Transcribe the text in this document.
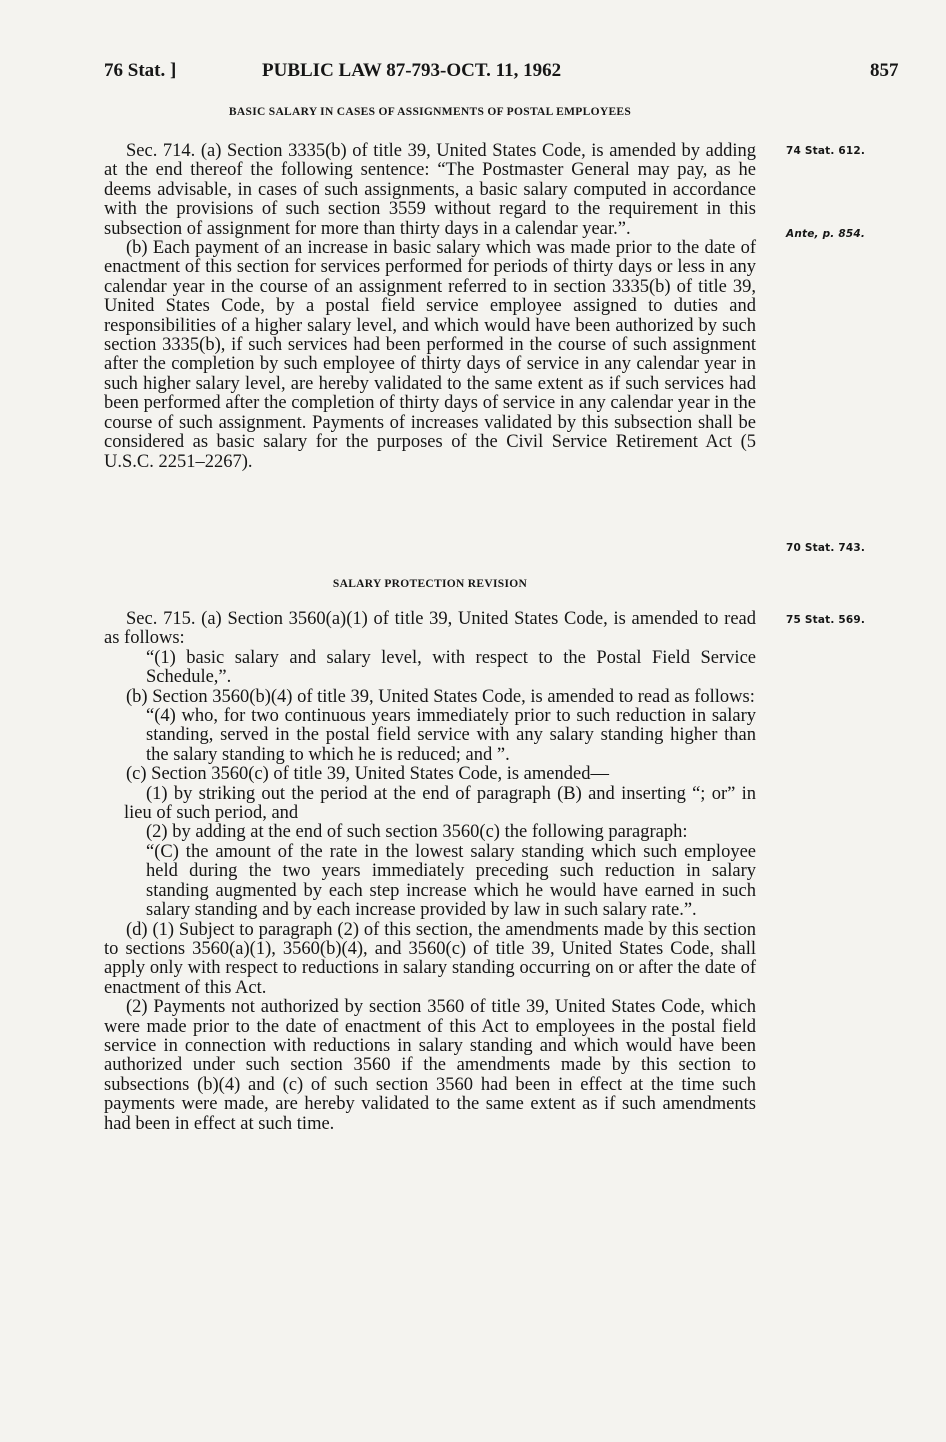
76 Stat. ]	PUBLIC LAW 87-793-OCT. 11, 1962	857
BASIC SALARY IN CASES OF ASSIGNMENTS OF POSTAL EMPLOYEES

Sec. 714. (a) Section 3335(b) of title 39, United States Code, is amended by adding at the end thereof the following sentence: “The Postmaster General may pay, as he deems advisable, in cases of such assignments, a basic salary computed in accordance with the provisions of such section 3559 without regard to the requirement in this subsection of assignment for more than thirty days in a calendar year.”.

(b) Each payment of an increase in basic salary which was made prior to the date of enactment of this section for services performed for periods of thirty days or less in any calendar year in the course of an assignment referred to in section 3335(b) of title 39, United States Code, by a postal field service employee assigned to duties and responsibilities of a higher salary level, and which would have been authorized by such section 3335(b), if such services had been performed in the course of such assignment after the completion by such employee of thirty days of service in any calendar year in such higher salary level, are hereby validated to the same extent as if such services had been performed after the completion of thirty days of service in any calendar year in the course of such assignment. Payments of increases validated by this subsection shall be considered as basic salary for the purposes of the Civil Service Retirement Act (5 U.S.C. 2251–2267).

SALARY PROTECTION REVISION

Sec. 715. (a) Section 3560(a)(1) of title 39, United States Code, is amended to read as follows:

“(1) basic salary and salary level, with respect to the Postal Field Service Schedule,”.

(b) Section 3560(b)(4) of title 39, United States Code, is amended to read as follows:

“(4) who, for two continuous years immediately prior to such reduction in salary standing, served in the postal field service with any salary standing higher than the salary standing to which he is reduced; and ”.

(c) Section 3560(c) of title 39, United States Code, is amended—

(1) by striking out the period at the end of paragraph (B) and inserting “; or” in lieu of such period, and

(2) by adding at the end of such section 3560(c) the following paragraph:

“(C) the amount of the rate in the lowest salary standing which such employee held during the two years immediately preceding such reduction in salary standing augmented by each step increase which he would have earned in such salary standing and by each increase provided by law in such salary rate.”.

(d) (1) Subject to paragraph (2) of this section, the amendments made by this section to sections 3560(a)(1), 3560(b)(4), and 3560(c) of title 39, United States Code, shall apply only with respect to reductions in salary standing occurring on or after the date of enactment of this Act.

(2) Payments not authorized by section 3560 of title 39, United States Code, which were made prior to the date of enactment of this Act to employees in the postal field service in connection with reductions in salary standing and which would have been authorized under such section 3560 if the amendments made by this section to subsections (b)(4) and (c) of such section 3560 had been in effect at the time such payments were made, are hereby validated to the same extent as if such amendments had been in effect at such time.

74 Stat. 612.
Ante, p. 854.
70 Stat. 743.
75 Stat. 569.
